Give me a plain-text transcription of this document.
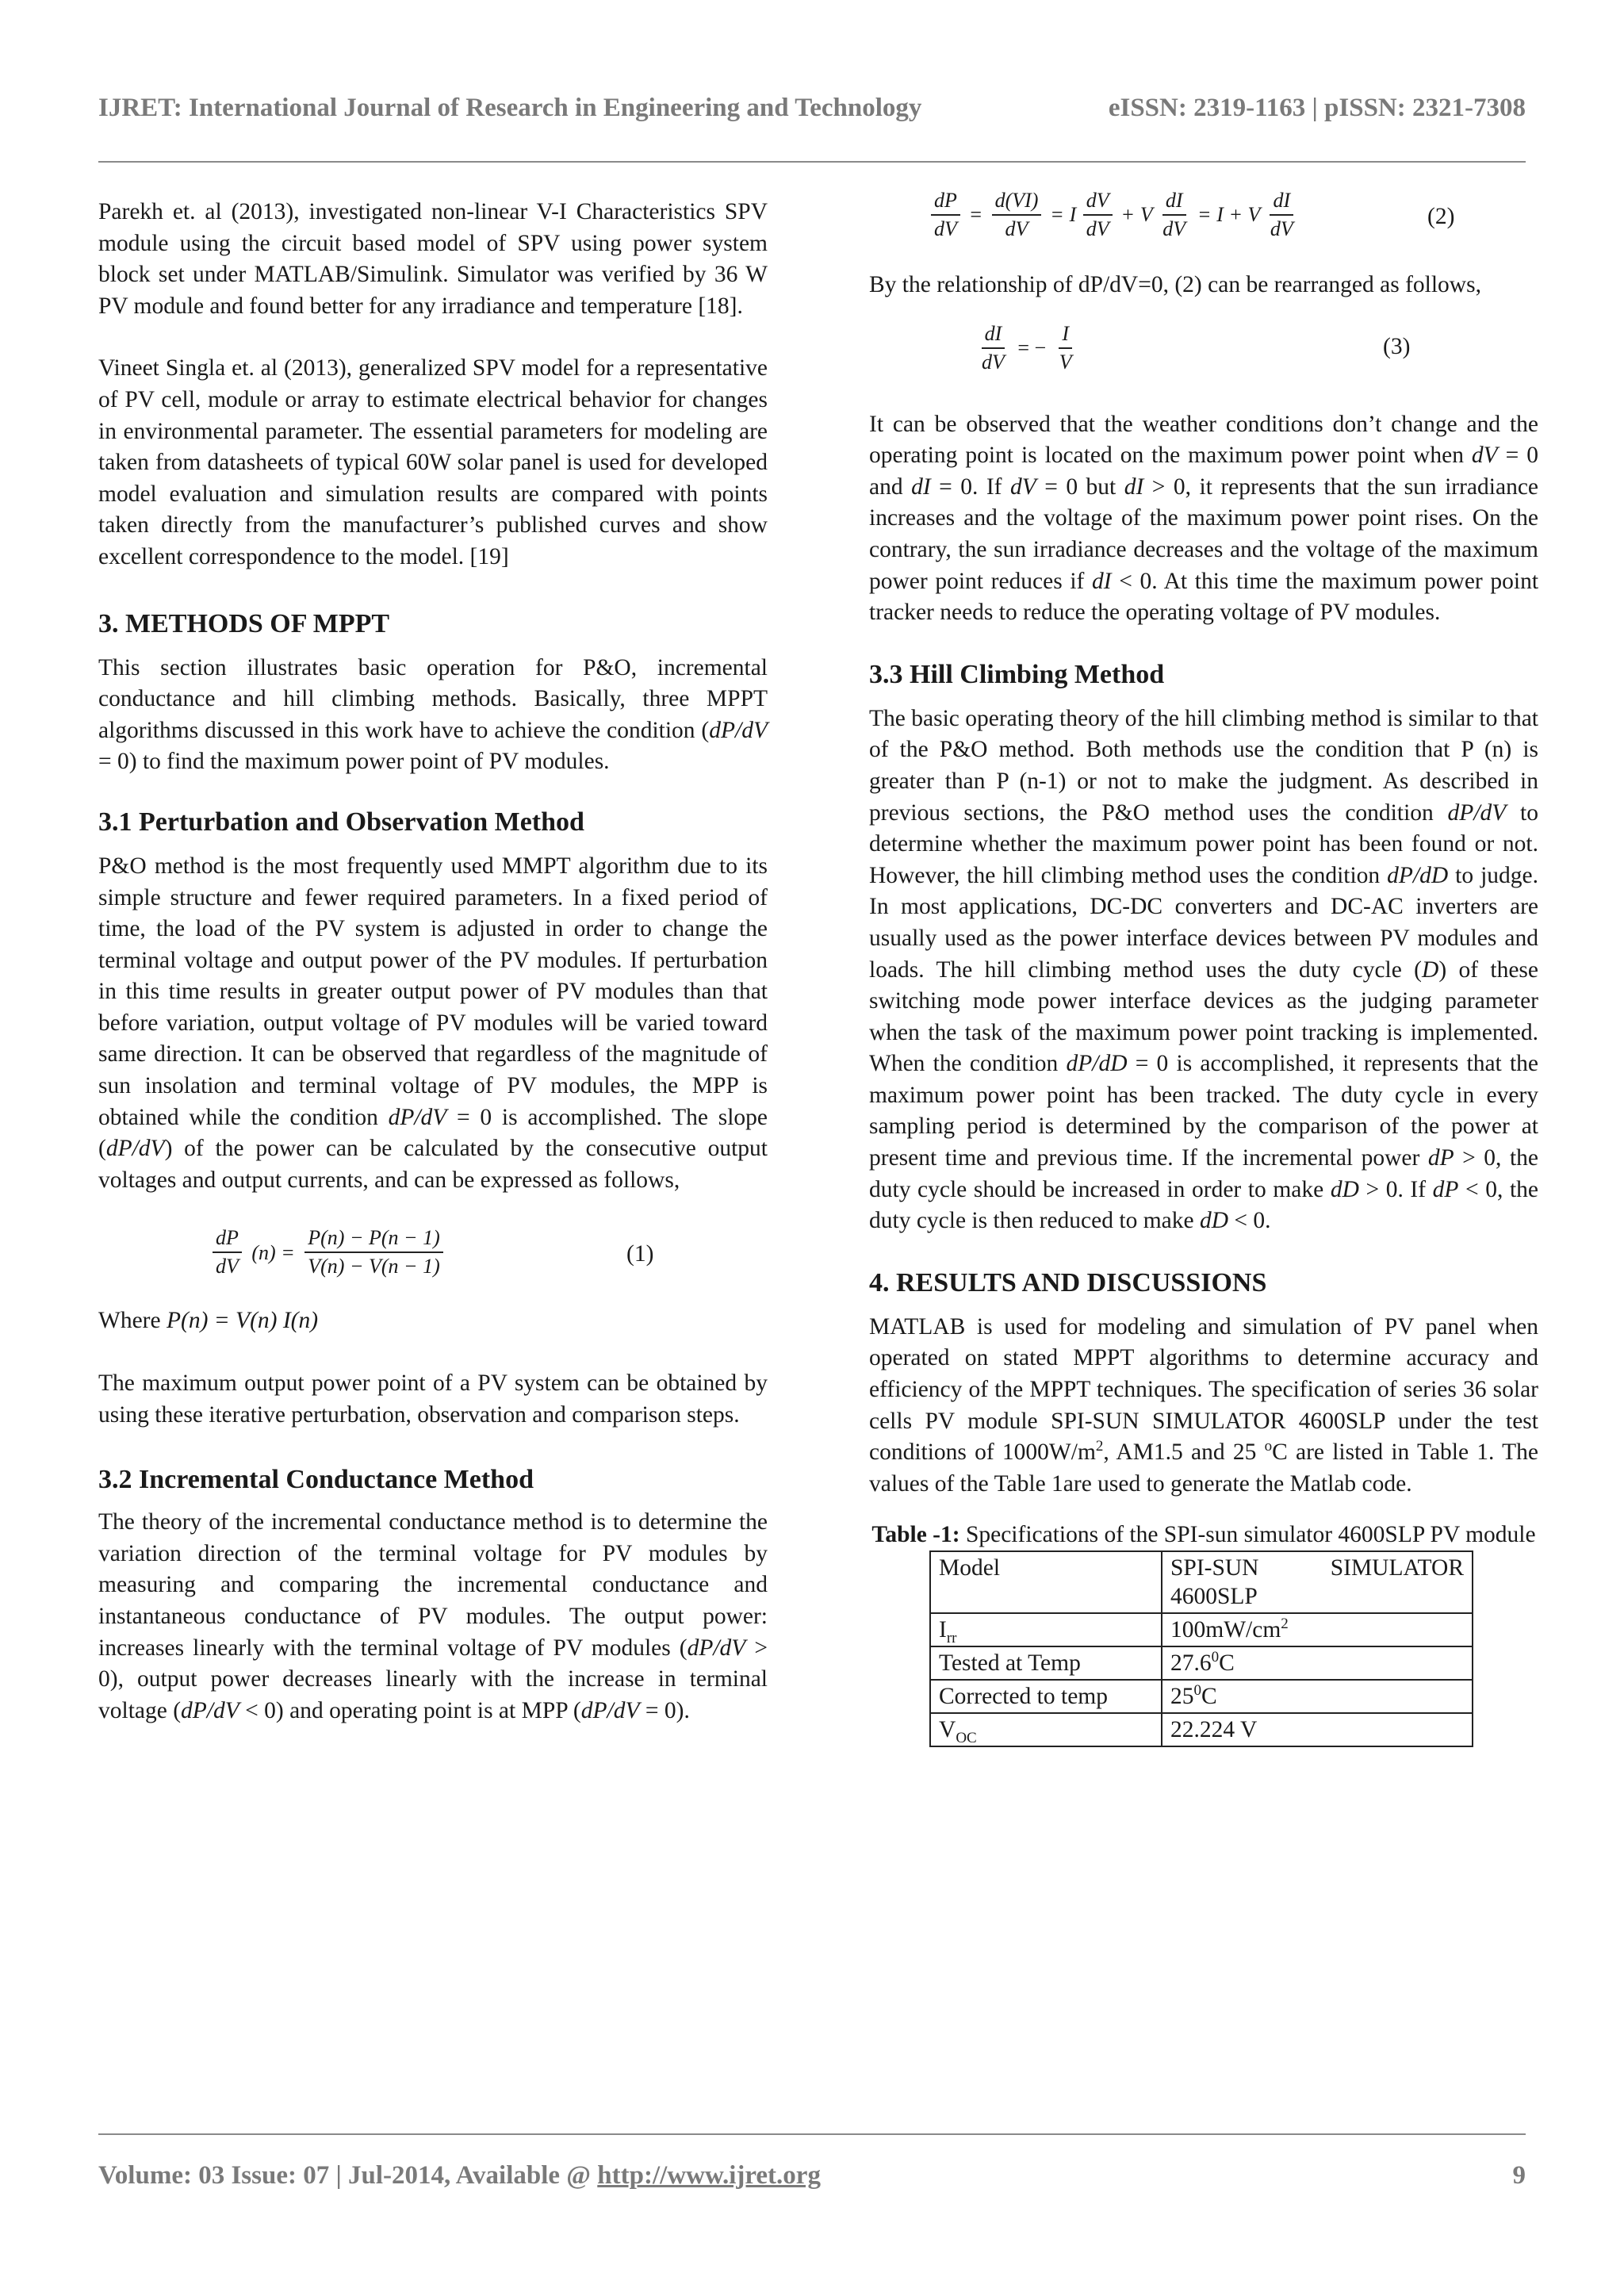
IJRET: International Journal of Research in Engineering and Technology	eISSN: 2319-1163 | pISSN: 2321-7308

Parekh et. al (2013), investigated non-linear V-I Characteristics SPV module using the circuit based model of SPV using power system block set under MATLAB/Simulink. Simulator was verified by 36 W PV module and found better for any irradiance and temperature [18].

Vineet Singla et. al (2013), generalized SPV model for a representative of PV cell, module or array to estimate electrical behavior for changes in environmental parameter. The essential parameters for modeling are taken from datasheets of typical 60W solar panel is used for developed model evaluation and simulation results are compared with points taken directly from the manufacturer’s published curves and show excellent correspondence to the model. [19]

3. METHODS OF MPPT

This section illustrates basic operation for P&O, incremental conductance and hill climbing methods. Basically, three MPPT algorithms discussed in this work have to achieve the condition (dP/dV = 0) to find the maximum power point of PV modules.

3.1 Perturbation and Observation Method

P&O method is the most frequently used MMPT algorithm due to its simple structure and fewer required parameters. In a fixed period of time, the load of the PV system is adjusted in order to change the terminal voltage and output power of the PV modules. If perturbation in this time results in greater output power of PV modules than that before variation, output voltage of PV modules will be varied toward same direction. It can be observed that regardless of the magnitude of sun insolation and terminal voltage of PV modules, the MPP is obtained while the condition dP/dV = 0 is accomplished. The slope (dP/dV) of the power can be calculated by the consecutive output voltages and output currents, and can be expressed as follows,

$\frac{dP}{dV} (n) = \frac{P(n) - P(n - 1)}{V(n) - V(n - 1)}$	(1)

Where P(n) = V(n) I(n)

The maximum output power point of a PV system can be obtained by using these iterative perturbation, observation and comparison steps.

3.2 Incremental Conductance Method

The theory of the incremental conductance method is to determine the variation direction of the terminal voltage for PV modules by measuring and comparing the incremental conductance and instantaneous conductance of PV modules. The output power: increases linearly with the terminal voltage of PV modules (dP/dV > 0), output power decreases linearly with the increase in terminal voltage (dP/dV < 0) and operating point is at MPP (dP/dV = 0).

$\frac{dP}{dV} = \frac{d(VI)}{dV} = I \frac{dV}{dV} + V \frac{dI}{dV} = I + V \frac{dI}{dV}$	(2)

By the relationship of dP/dV=0, (2) can be rearranged as follows,

$\frac{dI}{dV}$ = − $\frac{I}{V}$	(3)

It can be observed that the weather conditions don’t change and the operating point is located on the maximum power point when dV = 0 and dI = 0. If dV = 0 but dI > 0, it represents that the sun irradiance increases and the voltage of the maximum power point rises. On the contrary, the sun irradiance decreases and the voltage of the maximum power point reduces if dI < 0. At this time the maximum power point tracker needs to reduce the operating voltage of PV modules.

3.3 Hill Climbing Method

The basic operating theory of the hill climbing method is similar to that of the P&O method. Both methods use the condition that P (n) is greater than P (n-1) or not to make the judgment. As described in previous sections, the P&O method uses the condition dP/dV to determine whether the maximum power point has been found or not. However, the hill climbing method uses the condition dP/dD to judge. In most applications, DC-DC converters and DC-AC inverters are usually used as the power interface devices between PV modules and loads. The hill climbing method uses the duty cycle (D) of these switching mode power interface devices as the judging parameter when the task of the maximum power point tracking is implemented. When the condition dP/dD = 0 is accomplished, it represents that the maximum power point has been tracked. The duty cycle in every sampling period is determined by the comparison of the power at present time and previous time. If the incremental power dP > 0, the duty cycle should be increased in order to make dD > 0. If dP < 0, the duty cycle is then reduced to make dD < 0.

4. RESULTS AND DISCUSSIONS

MATLAB is used for modeling and simulation of PV panel when operated on stated MPPT algorithms to determine accuracy and efficiency of the MPPT techniques. The specification of series 36 solar cells PV module SPI-SUN SIMULATOR 4600SLP under the test conditions of $1000W/m^2$, AM1.5 and 25 $^o$C are listed in Table 1. The values of the Table 1are used to generate the Matlab code.

Table -1: Specifications of the SPI-sun simulator 4600SLP PV module
Model	SPI-SUN SIMULATOR 4600SLP
$I_{rr}$	$100mW/cm^2$
Tested at Temp	27.6$^0$C
Corrected to temp	$25^0C$
$V_{OC}$	22.224 V
Volume: 03 Issue: 07 | Jul-2014, Available @ http://www.ijret.org	9
